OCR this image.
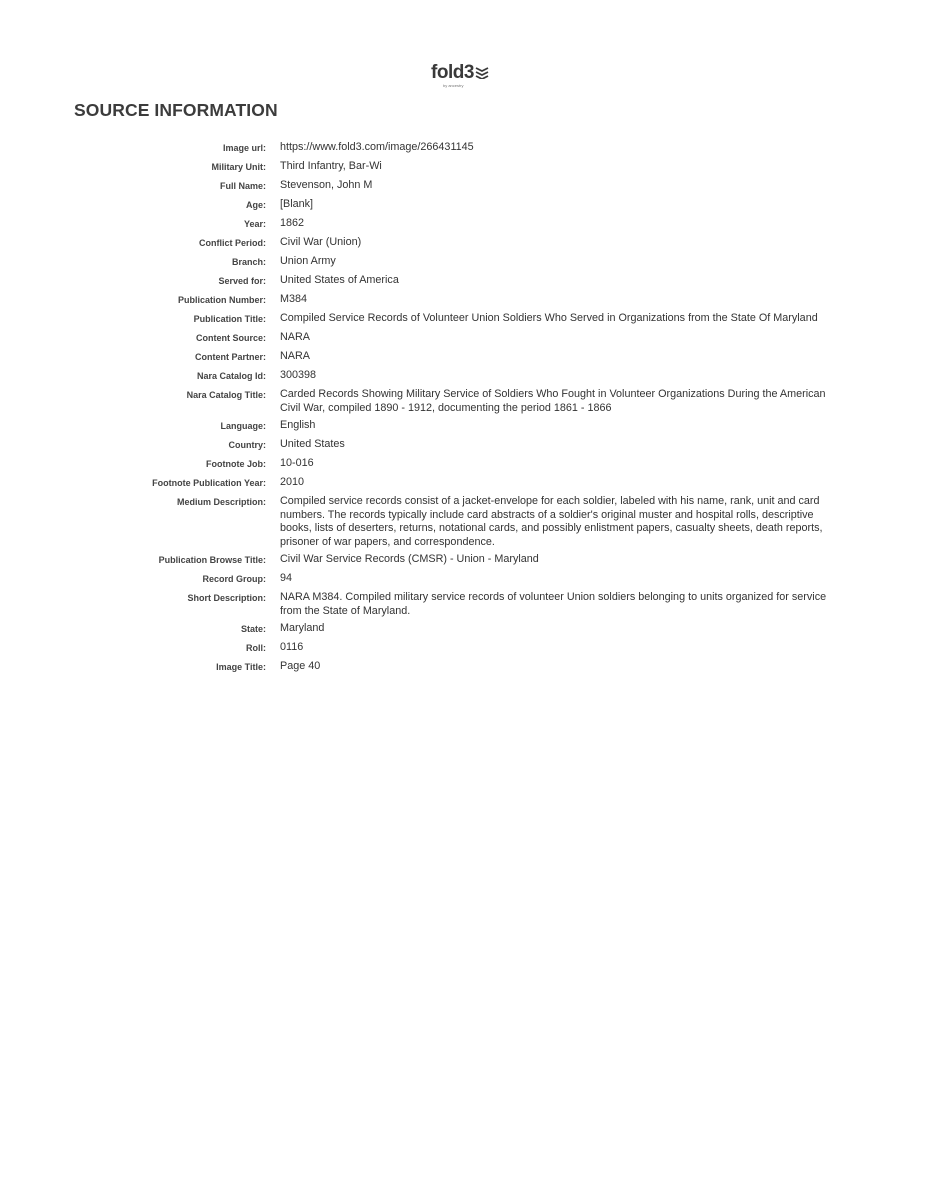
fold3
by ancestry
SOURCE INFORMATION
Image url: https://www.fold3.com/image/266431145
Military Unit: Third Infantry, Bar-Wi
Full Name: Stevenson, John M
Age: [Blank]
Year: 1862
Conflict Period: Civil War (Union)
Branch: Union Army
Served for: United States of America
Publication Number: M384
Publication Title: Compiled Service Records of Volunteer Union Soldiers Who Served in Organizations from the State Of Maryland
Content Source: NARA
Content Partner: NARA
Nara Catalog Id: 300398
Nara Catalog Title: Carded Records Showing Military Service of Soldiers Who Fought in Volunteer Organizations During the American Civil War, compiled 1890 - 1912, documenting the period 1861 - 1866
Language: English
Country: United States
Footnote Job: 10-016
Footnote Publication Year: 2010
Medium Description: Compiled service records consist of a jacket-envelope for each soldier, labeled with his name, rank, unit and card numbers. The records typically include card abstracts of a soldier's original muster and hospital rolls, descriptive books, lists of deserters, returns, notational cards, and possibly enlistment papers, casualty sheets, death reports, prisoner of war papers, and correspondence.
Publication Browse Title: Civil War Service Records (CMSR) - Union - Maryland
Record Group: 94
Short Description: NARA M384. Compiled military service records of volunteer Union soldiers belonging to units organized for service from the State of Maryland.
State: Maryland
Roll: 0116
Image Title: Page 40
